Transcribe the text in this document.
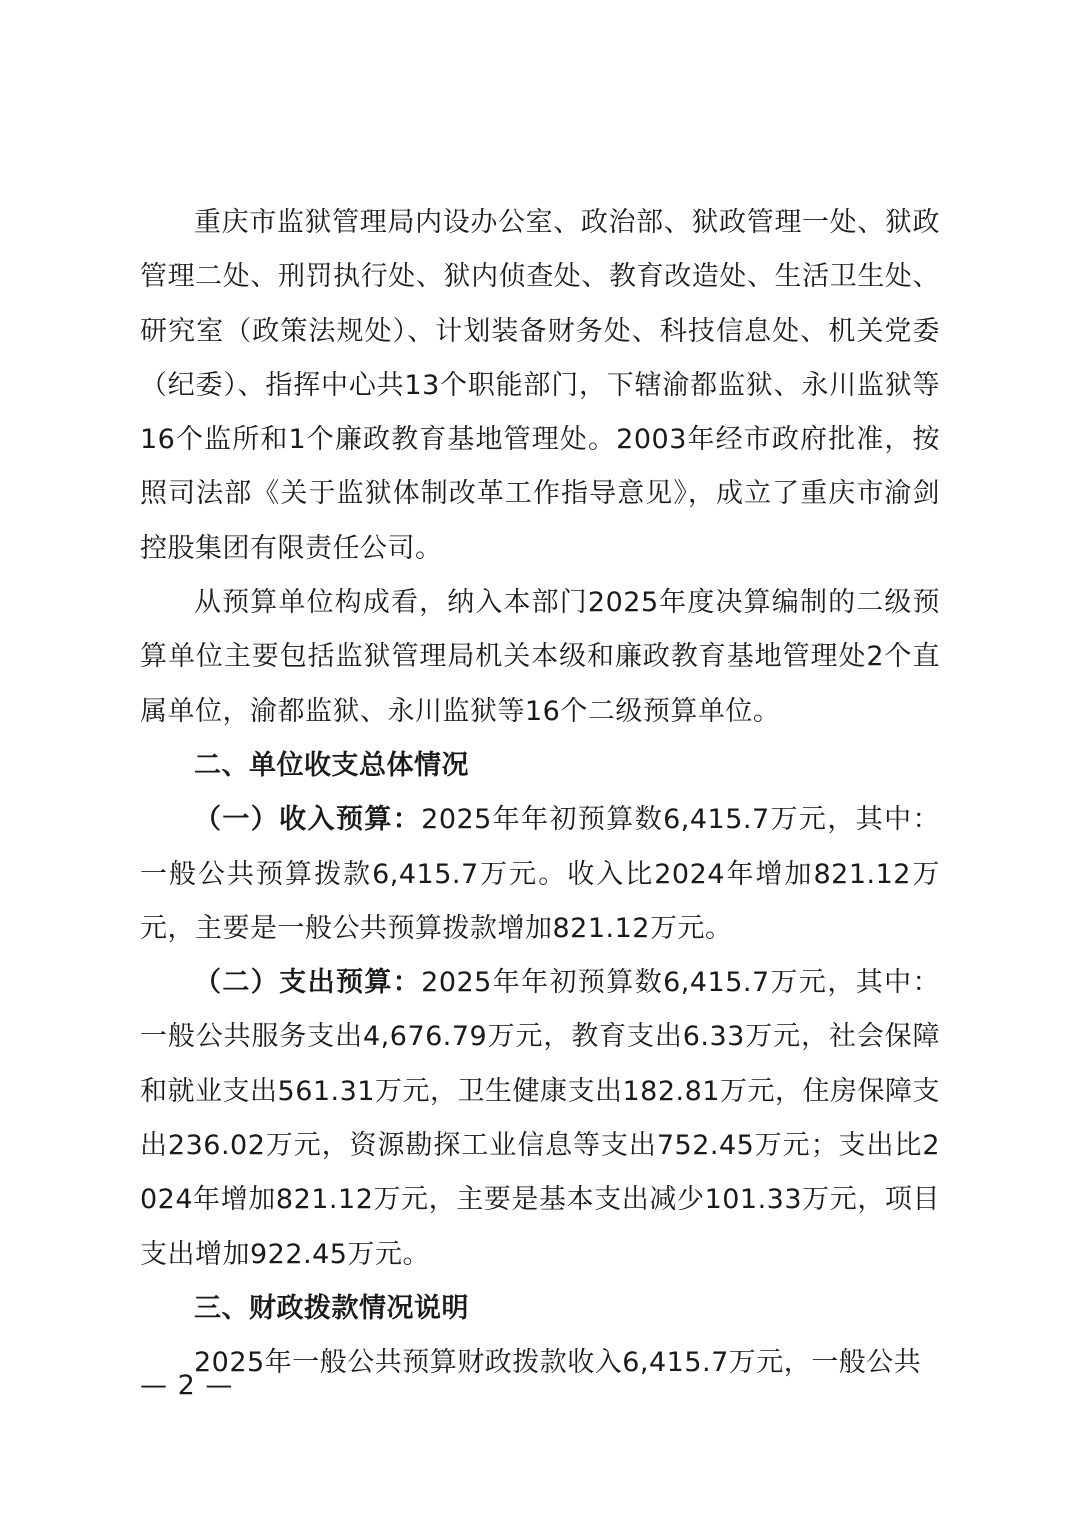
重庆市监狱管理局内设办公室、政治部、狱政管理一处、狱政管理二处、刑罚执行处、狱内侦查处、教育改造处、生活卫生处、研究室（政策法规处）、计划装备财务处、科技信息处、机关党委（纪委）、指挥中心共13个职能部门，下辖渝都监狱、永川监狱等16个监所和1个廉政教育基地管理处。2003年经市政府批准，按照司法部《关于监狱体制改革工作指导意见》，成立了重庆市渝剑控股集团有限责任公司。

从预算单位构成看，纳入本部门2025年度决算编制的二级预算单位主要包括监狱管理局机关本级和廉政教育基地管理处2个直属单位，渝都监狱、永川监狱等16个二级预算单位。

二、单位收支总体情况

（一）收入预算：2025年年初预算数6,415.7万元，其中：一般公共预算拨款6,415.7万元。收入比2024年增加821.12万元，主要是一般公共预算拨款增加821.12万元。

（二）支出预算：2025年年初预算数6,415.7万元，其中：一般公共服务支出4,676.79万元，教育支出6.33万元，社会保障和就业支出561.31万元，卫生健康支出182.81万元，住房保障支出236.02万元，资源勘探工业信息等支出752.45万元；支出比2024年增加821.12万元，主要是基本支出减少101.33万元，项目支出增加922.45万元。

三、财政拨款情况说明

2025年一般公共预算财政拨款收入6,415.7万元，一般公共

— 2 —
